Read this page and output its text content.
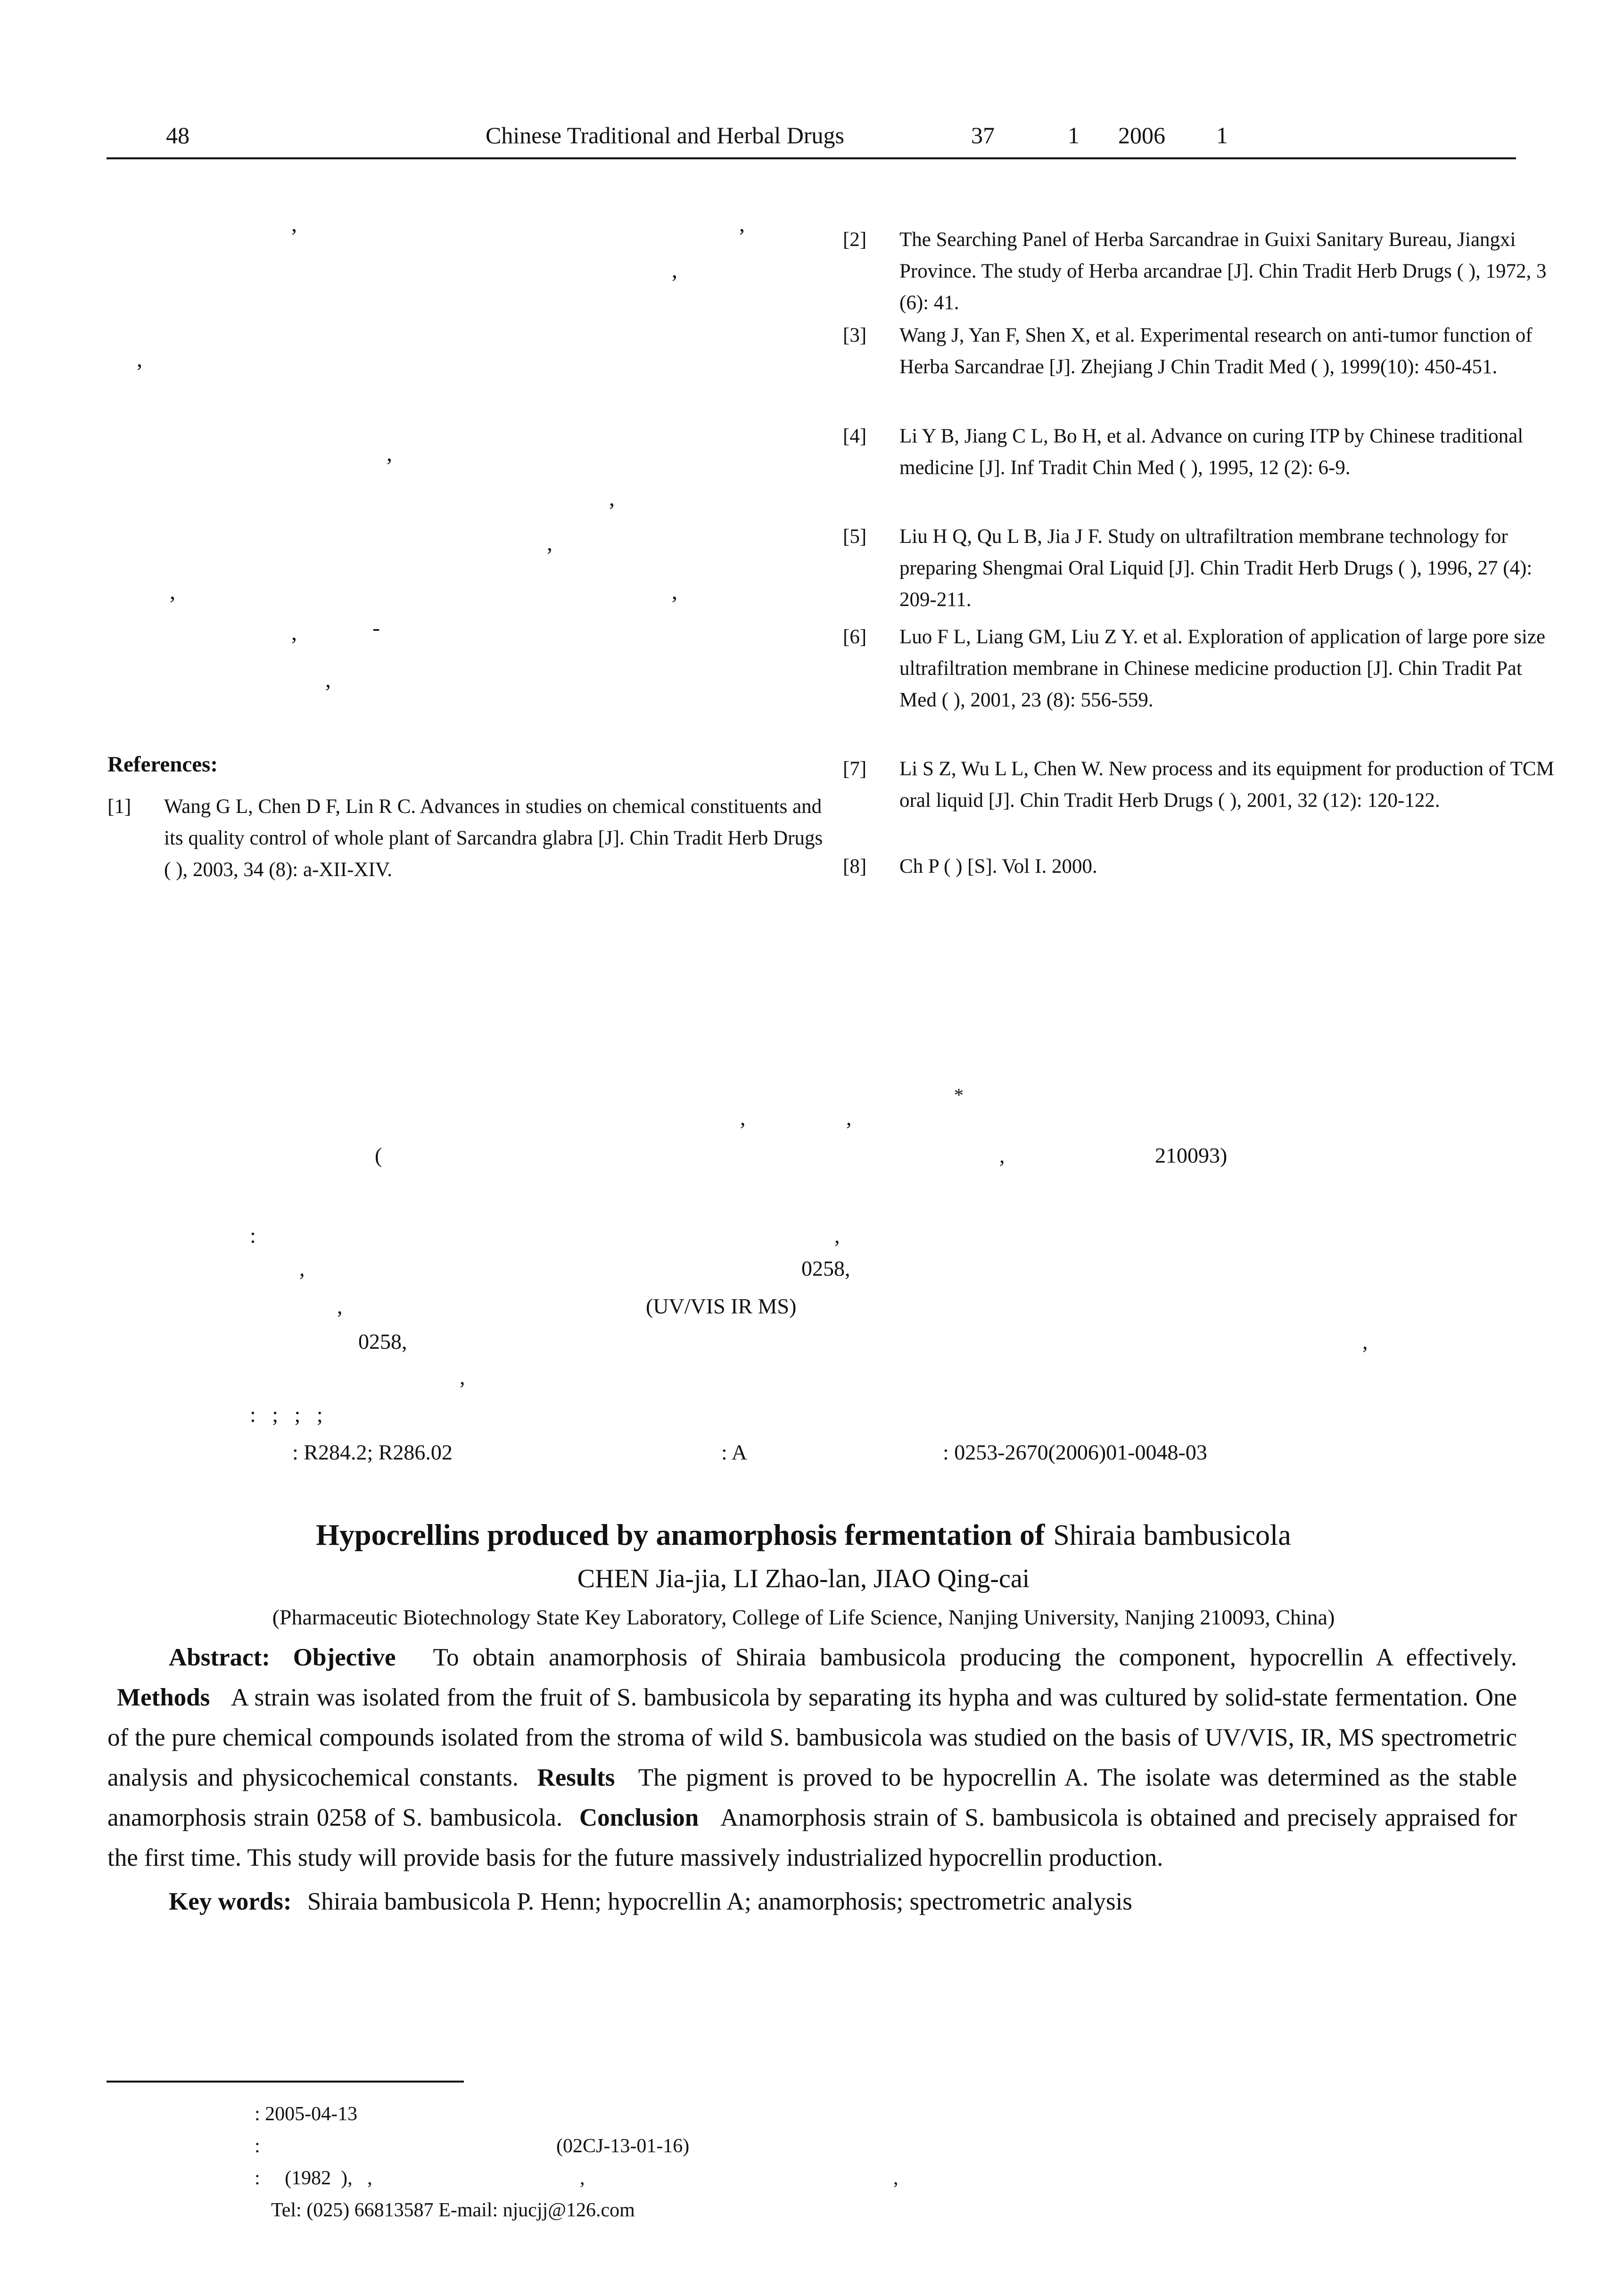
48	Chinese Traditional and Herbal Drugs	37	1 2006 1
,	,
,
,
,
,
,
,	,
,	-
,
References:
[1] Wang G L, Chen D F, Lin R C. Advances in studies on chemical constituents and its quality control of whole plant of Sarcandra glabra [J]. Chin Tradit Herb Drugs ( ), 2003, 34 (8): a-XII-XIV.
[2] The Searching Panel of Herba Sarcandrae in Guixi Sanitary Bureau, Jiangxi Province. The study of Herba arcandrae [J]. Chin Tradit Herb Drugs ( ), 1972, 3 (6): 41.
[3] Wang J, Yan F, Shen X, et al. Experimental research on anti-tumor function of Herba Sarcandrae [J]. Zhejiang J Chin Tradit Med ( ), 1999(10): 450-451.
[4] Li Y B, Jiang C L, Bo H, et al. Advance on curing ITP by Chinese traditional medicine [J]. Inf Tradit Chin Med ( ), 1995, 12 (2): 6-9.
[5] Liu H Q, Qu L B, Jia J F. Study on ultrafiltration membrane technology for preparing Shengmai Oral Liquid [J]. Chin Tradit Herb Drugs ( ), 1996, 27 (4): 209-211.
[6] Luo F L, Liang GM, Liu Z Y. et al. Exploration of application of large pore size ultrafiltration membrane in Chinese medicine production [J]. Chin Tradit Pat Med ( ), 2001, 23 (8): 556-559.
[7] Li S Z, Wu L L, Chen W. New process and its equipment for production of TCM oral liquid [J]. Chin Tradit Herb Drugs ( ), 2001, 32 (12): 120-122.
[8] Ch P ( ) [S]. Vol I. 2000.
*
,	,
(	,	210093)
:	,
,	0258,
,	(UV/VIS IR MS)
0258,	,
,
:   ;   ;   ;
: R284.2; R286.02	: A	: 0253-2670(2006)01-0048-03
Hypocrellins produced by anamorphosis fermentation of Shiraia bambusicola
CHEN Jia-jia, LI Zhao-lan, JIAO Qing-cai
(Pharmaceutic Biotechnology State Key Laboratory, College of Life Science, Nanjing University, Nanjing 210093, China)

Abstract: Objective To obtain anamorphosis of Shiraia bambusicola producing the component, hypocrellin A effectively. Methods A strain was isolated from the fruit of S. bambusicola by separating its hypha and was cultured by solid-state fermentation. One of the pure chemical compounds isolated from the stroma of wild S. bambusicola was studied on the basis of UV/VIS, IR, MS spectrometric analysis and physicochemical constants. Results The pigment is proved to be hypocrellin A. The isolate was determined as the stable anamorphosis strain 0258 of S. bambusicola. Conclusion Anamorphosis strain of S. bambusicola is obtained and precisely appraised for the first time. This study will provide basis for the future massively industrialized hypocrellin production.

Key words: Shiraia bambusicola P. Henn; hypocrellin A; anamorphosis; spectrometric analysis

: 2005-04-13
:	(02CJ-13-01-16)
:     (1982  ),   ,	,	,
Tel: (025) 66813587 E-mail: njucjj@126.com
